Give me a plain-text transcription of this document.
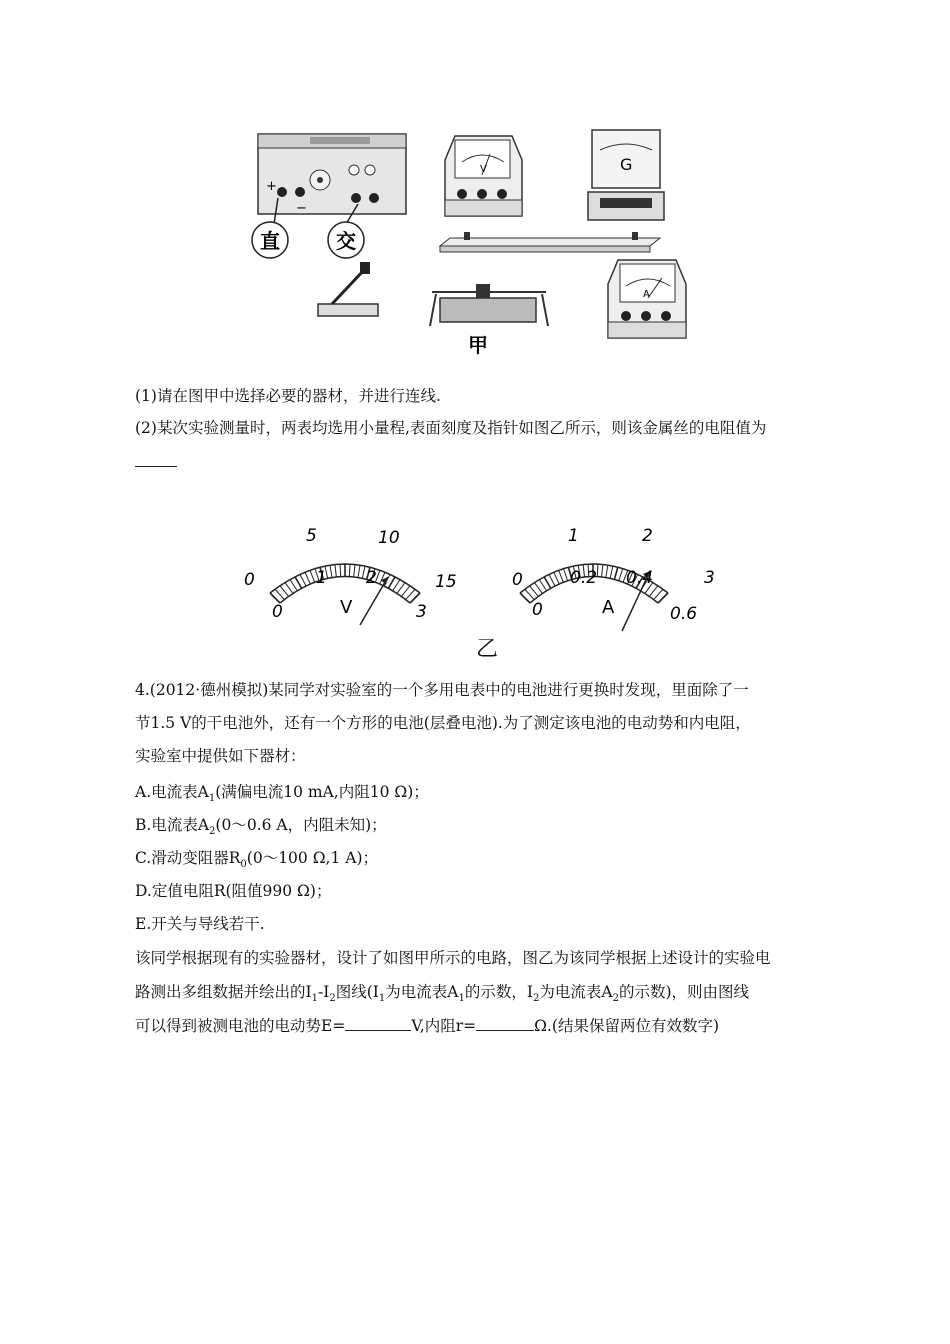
+
−
直	交
V	G
甲
A
(1)请在图甲中选择必要的器材，并进行连线.
(2)某次实验测量时，两表均选用小量程,表面刻度及指针如图乙所示，则该金属丝的电阻值为
0
5	10
15
0
1 2
3
V
0
1	2
3
0
0.2 0.4
0.6
A
乙
4.(2012·德州模拟)某同学对实验室的一个多用电表中的电池进行更换时发现，里面除了一
节1.5 V的干电池外，还有一个方形的电池(层叠电池).为了测定该电池的电动势和内电阻，
实验室中提供如下器材：
A.电流表$A_1$(满偏电流10 mA,内阻10 Ω)；
B.电流表$A_2(0\sim 0.6$ A，内阻未知)；
C.滑动变阻器$R_0(0\sim 100$ Ω,1 A)；
D.定值电阻R(阻值990 Ω)；
E.开关与导线若干.
该同学根据现有的实验器材，设计了如图甲所示的电路，图乙为该同学根据上述设计的实验电
路测出多组数据并绘出的$I_1-I_2$图线($I_1$为电流表$A_1$的示数，$I_2$为电流表$A_2$的示数)，则由图线
可以得到被测电池的电动势E=	V,内阻r=	Ω.(结果保留两位有效数字)
